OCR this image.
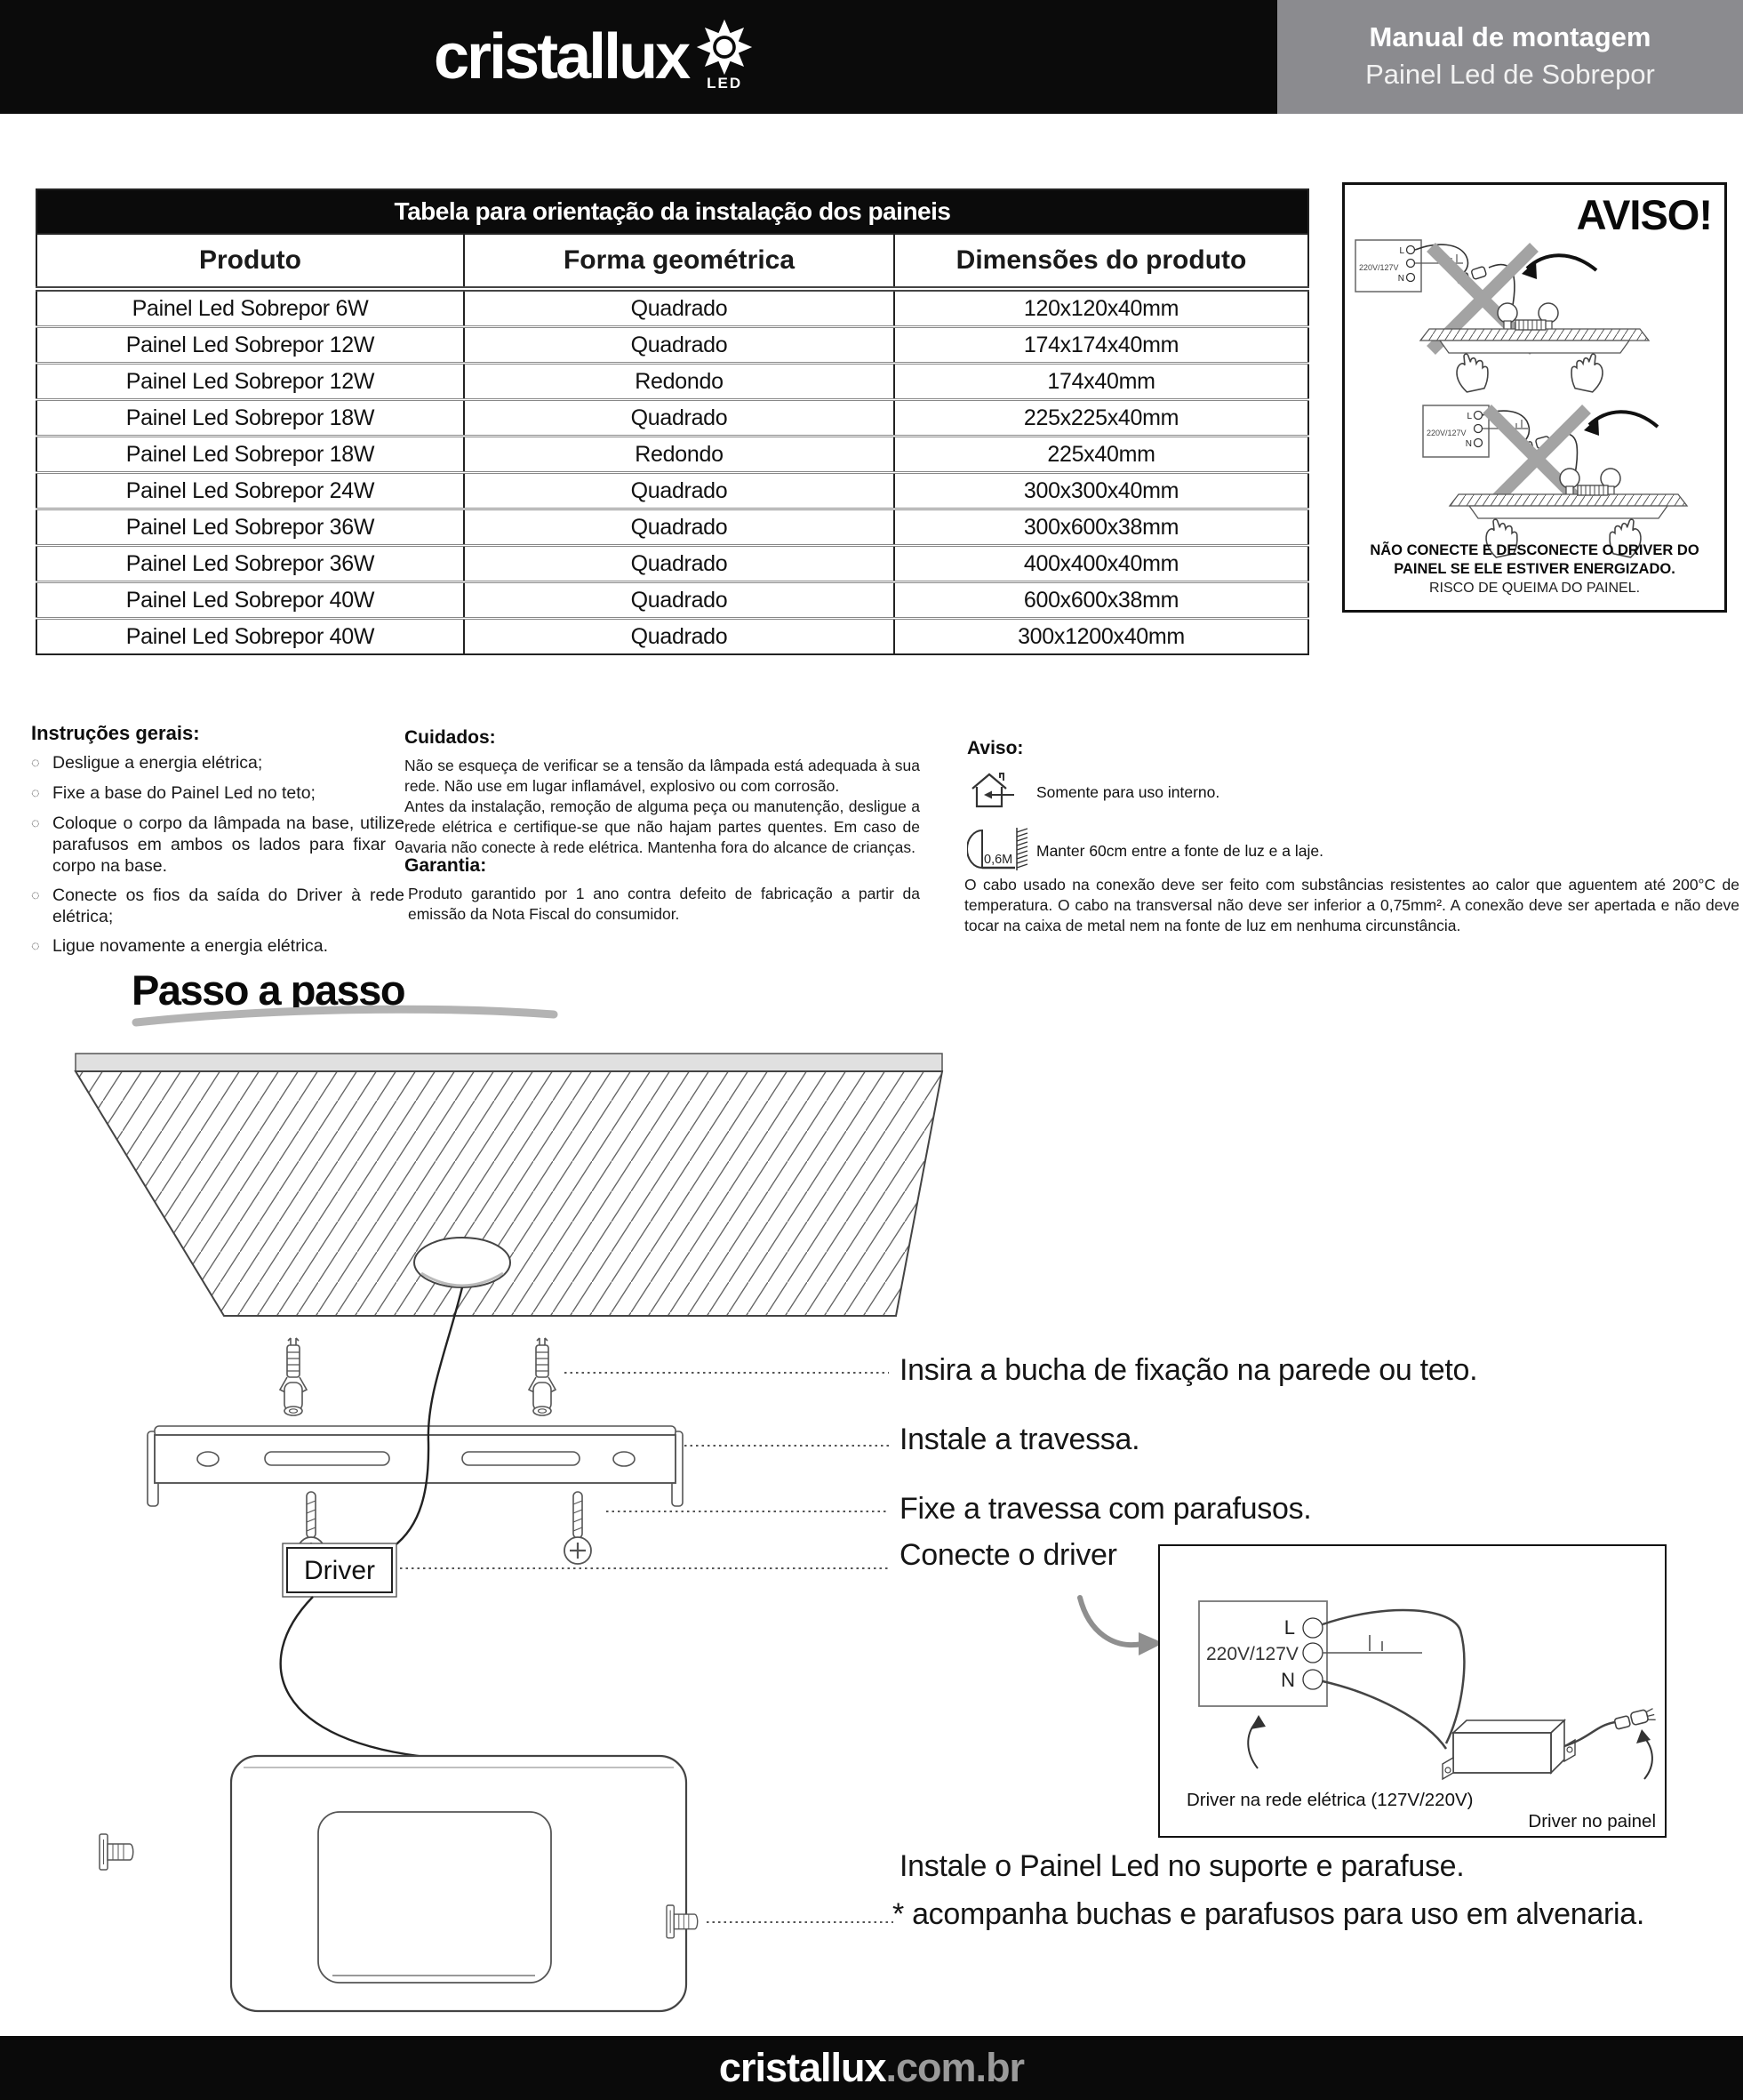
cristallux LED
Manual de montagem
Painel Led de Sobrepor
Tabela para orientação da instalação dos paineis		
Produto	Forma geométrica	Dimensões do produto
Painel Led Sobrepor 6W	Quadrado	120x120x40mm
Painel Led Sobrepor 12W	Quadrado	174x174x40mm
Painel Led Sobrepor 12W	Redondo	174x40mm
Painel Led Sobrepor 18W	Quadrado	225x225x40mm
Painel Led Sobrepor 18W	Redondo	225x40mm
Painel Led Sobrepor 24W	Quadrado	300x300x40mm
Painel Led Sobrepor 36W	Quadrado	300x600x38mm
Painel Led Sobrepor 36W	Quadrado	400x400x40mm
Painel Led Sobrepor 40W	Quadrado	600x600x38mm
Painel Led Sobrepor 40W	Quadrado	300x1200x40mm
220V/127V
L
N
220V/127V
L
N
AVISO!
NÃO CONECTE E DESCONECTE O DRIVER DO
PAINEL SE ELE ESTIVER ENERGIZADO.
RISCO DE QUEIMA DO PAINEL.
Instruções gerais:
◌ Desligue a energia elétrica;
◌ Fixe a base do Painel Led no teto;
◌ Coloque o corpo da lâmpada na base, utilize parafusos em ambos os lados para fixar o corpo na base.
◌ Conecte os fios da saída do Driver à rede elétrica;
◌ Ligue novamente a energia elétrica.
Cuidados:

Não se esqueça de verificar se a tensão da lâmpada está adequada à sua rede. Não use em lugar inflamável, explosivo ou com corrosão.

Antes da instalação, remoção de alguma peça ou manutenção, desligue a rede elétrica e certifique-se que não hajam partes quentes. Em caso de avaria não conecte à rede elétrica. Mantenha fora do alcance de crianças.

Garantia:

Produto garantido por 1 ano contra defeito de fabricação a partir da emissão da Nota Fiscal do consumidor.

Aviso:
Somente para uso interno.
0,6M Manter 60cm entre a fonte de luz e a laje.
O cabo usado na conexão deve ser feito com substâncias resistentes ao calor que aguentem até 200°C de temperatura. O cabo na transversal não deve ser inferior a 0,75mm². A conexão deve ser apertada e não deve tocar na caixa de metal nem na fonte de luz em nenhuma circunstância.
Passo a passo
Driver
Insira a bucha de fixação na parede ou teto.
Instale a travessa.
Fixe a travessa com parafusos.
Conecte o driver
Instale o Painel Led no suporte e parafuse.
* acompanha buchas e parafusos para uso em alvenaria.
220V/127V
L
N
Driver na rede elétrica (127V/220V)
Driver no painel
cristallux .com.br
